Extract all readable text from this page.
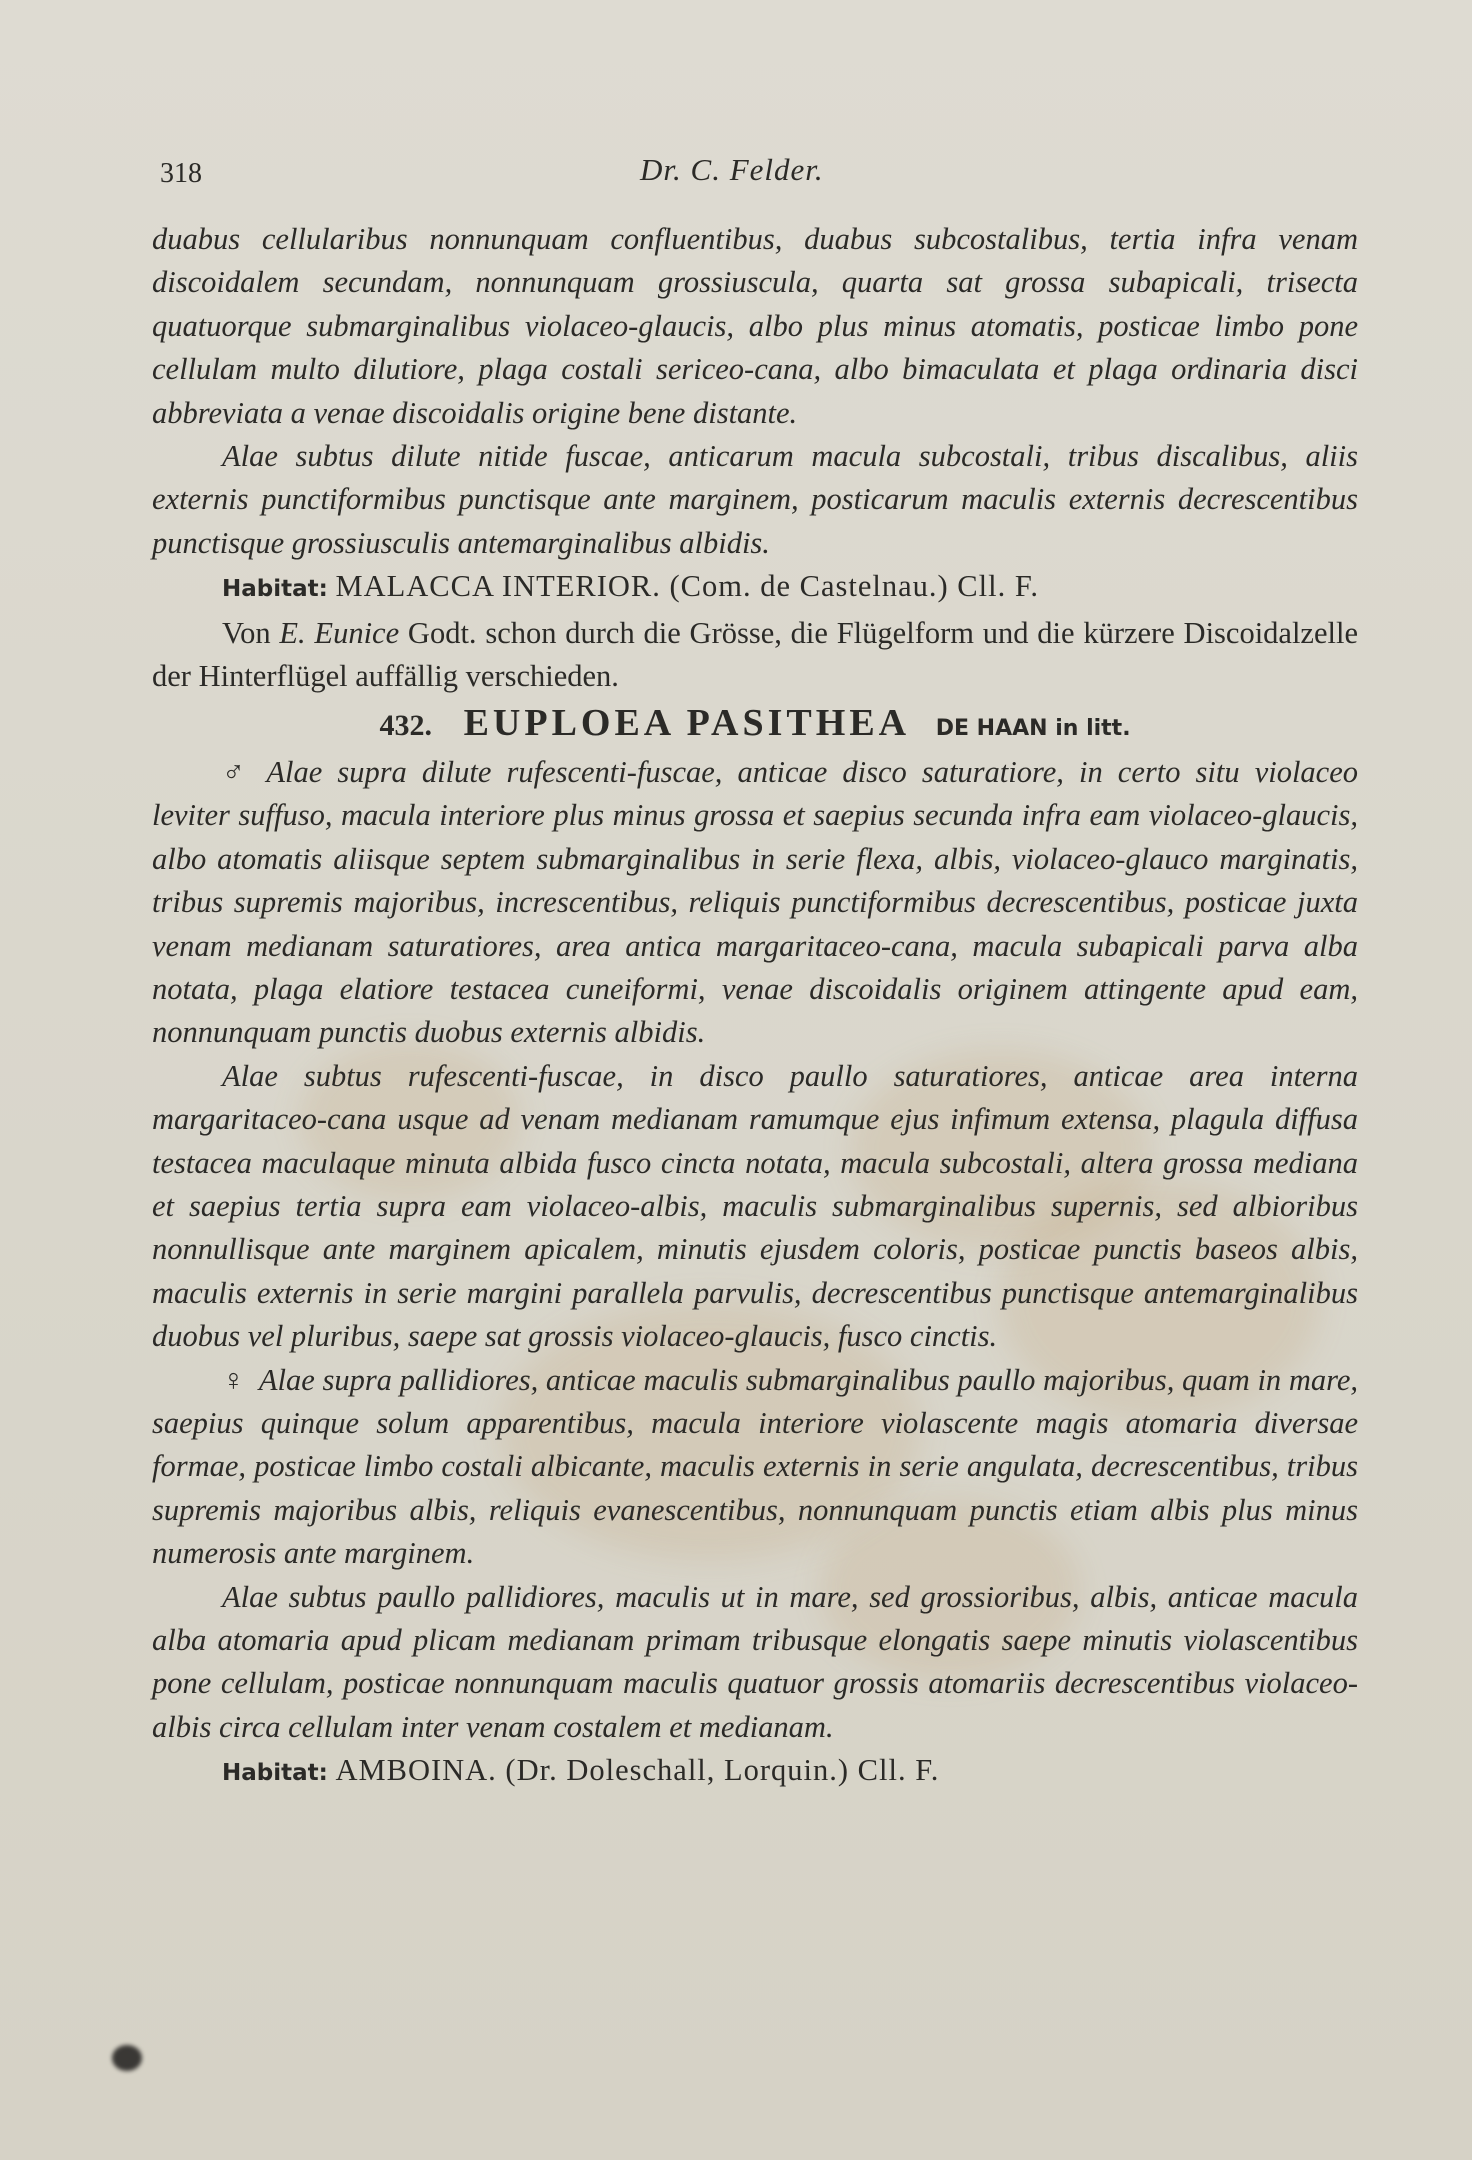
318	Dr. C. Felder.

duabus cellularibus nonnunquam confluentibus, duabus subcostalibus, tertia infra venam discoidalem secundam, nonnunquam grossiuscula, quarta sat grossa subapicali, trisecta quatuorque submarginalibus violaceo-glaucis, albo plus minus atomatis, posticae limbo pone cellulam multo dilutiore, plaga costali sericeo-cana, albo bimaculata et plaga ordinaria disci abbreviata a venae discoidalis origine bene distante.

Alae subtus dilute nitide fuscae, anticarum macula subcostali, tribus discalibus, aliis externis punctiformibus punctisque ante marginem, posticarum maculis externis decrescentibus punctisque grossiusculis antemarginalibus albidis.

Habitat: MALACCA INTERIOR. (Com. de Castelnau.) Cll. F.

Von E. Eunice Godt. schon durch die Grösse, die Flügelform und die kürzere Discoidalzelle der Hinterflügel auffällig verschieden.

432. EUPLOEA PASITHEA DE HAAN in litt.

♂ Alae supra dilute rufescenti-fuscae, anticae disco saturatiore, in certo situ violaceo leviter suffuso, macula interiore plus minus grossa et saepius secunda infra eam violaceo-glaucis, albo atomatis aliisque septem submarginalibus in serie flexa, albis, violaceo-glauco marginatis, tribus supremis majoribus, increscentibus, reliquis punctiformibus decrescentibus, posticae juxta venam medianam saturatiores, area antica margaritaceo-cana, macula subapicali parva alba notata, plaga elatiore testacea cuneiformi, venae discoidalis originem attingente apud eam, nonnunquam punctis duobus externis albidis.

Alae subtus rufescenti-fuscae, in disco paullo saturatiores, anticae area interna margaritaceo-cana usque ad venam medianam ramumque ejus infimum extensa, plagula diffusa testacea maculaque minuta albida fusco cincta notata, macula subcostali, altera grossa mediana et saepius tertia supra eam violaceo-albis, maculis submarginalibus supernis, sed albioribus nonnullisque ante marginem apicalem, minutis ejusdem coloris, posticae punctis baseos albis, maculis externis in serie margini parallela parvulis, decrescentibus punctisque antemarginalibus duobus vel pluribus, saepe sat grossis violaceo-glaucis, fusco cinctis.

♀ Alae supra pallidiores, anticae maculis submarginalibus paullo majoribus, quam in mare, saepius quinque solum apparentibus, macula interiore violascente magis atomaria diversae formae, posticae limbo costali albicante, maculis externis in serie angulata, decrescentibus, tribus supremis majoribus albis, reliquis evanescentibus, nonnunquam punctis etiam albis plus minus numerosis ante marginem.

Alae subtus paullo pallidiores, maculis ut in mare, sed grossioribus, albis, anticae macula alba atomaria apud plicam medianam primam tribusque elongatis saepe minutis violascentibus pone cellulam, posticae nonnunquam maculis quatuor grossis atomariis decrescentibus violaceo-albis circa cellulam inter venam costalem et medianam.

Habitat: AMBOINA. (Dr. Doleschall, Lorquin.) Cll. F.
